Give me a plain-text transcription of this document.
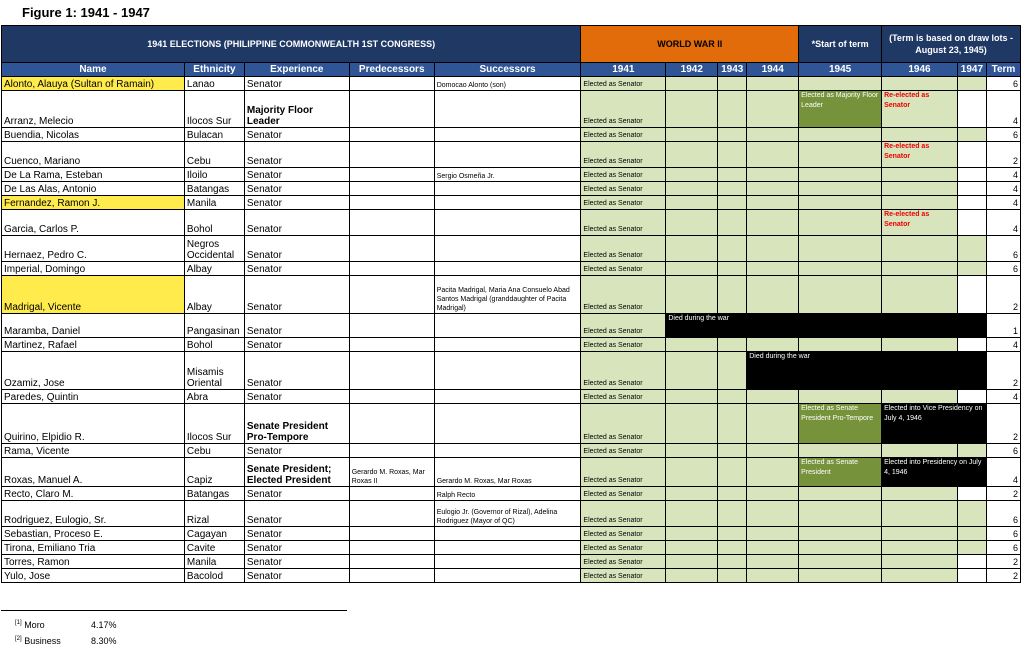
Figure 1: 1941 - 1947
1941 ELECTIONS (PHILIPPINE COMMONWEALTH 1ST CONGRESS)					WORLD WAR II				*Start of term	(Term is based on draw lots - August 23, 1945)		
Name	Ethnicity	Experience	Predecessors	Successors	1941	1942	1943	1944	1945	1946	1947	Term
Alonto, Alauya (Sultan of Ramain)	Lanao	Senator		Domocao Alonto (son)	Elected as Senator							6
Arranz, Melecio	Ilocos Sur	Majority Floor Leader			Elected as Senator				Elected as Majority Floor Leader	Re-elected as Senator		4
Buendia, Nicolas	Bulacan	Senator			Elected as Senator							6
Cuenco, Mariano	Cebu	Senator			Elected as Senator					Re-elected as Senator		2
De La Rama, Esteban	Iloilo	Senator		Sergio Osmeña Jr.	Elected as Senator							4
De Las Alas, Antonio	Batangas	Senator			Elected as Senator							4
Fernandez, Ramon J.	Manila	Senator			Elected as Senator							4
Garcia, Carlos P.	Bohol	Senator			Elected as Senator					Re-elected as Senator		4
Hernaez, Pedro C.	Negros Occidental	Senator			Elected as Senator							6
Imperial, Domingo	Albay	Senator			Elected as Senator							6
Madrigal, Vicente	Albay	Senator		Pacita Madrigal, Maria Ana Consuelo Abad Santos Madrigal (granddaughter of Pacita Madrigal)	Elected as Senator							2
Maramba, Daniel	Pangasinan	Senator			Elected as Senator	Died during the war						1
Martinez, Rafael	Bohol	Senator			Elected as Senator							4
Ozamiz, Jose	Misamis Oriental	Senator			Elected as Senator			Died during the war				2
Paredes, Quintin	Abra	Senator			Elected as Senator							4
Quirino, Elpidio R.	Ilocos Sur	Senate President Pro-Tempore			Elected as Senator				Elected as Senate President Pro-Tempore	Elected into Vice Presidency on July 4, 1946		2
Rama, Vicente	Cebu	Senator			Elected as Senator							6
Roxas, Manuel A.	Capiz	Senate President; Elected President	Gerardo M. Roxas, Mar Roxas II	Gerardo M. Roxas, Mar Roxas	Elected as Senator				Elected as Senate President	Elected into Presidency on July 4, 1946		4
Recto, Claro M.	Batangas	Senator		Ralph Recto	Elected as Senator							2
Rodriguez, Eulogio, Sr.	Rizal	Senator		Eulogio Jr. (Governor of Rizal), Adelina Rodriguez (Mayor of QC)	Elected as Senator							6
Sebastian, Proceso E.	Cagayan	Senator			Elected as Senator							6
Tirona, Emiliano Tria	Cavite	Senator			Elected as Senator							6
Torres, Ramon	Manila	Senator			Elected as Senator							2
Yulo, Jose	Bacolod	Senator			Elected as Senator							2
[1] Moro	4.17%
[2] Business	8.30%
